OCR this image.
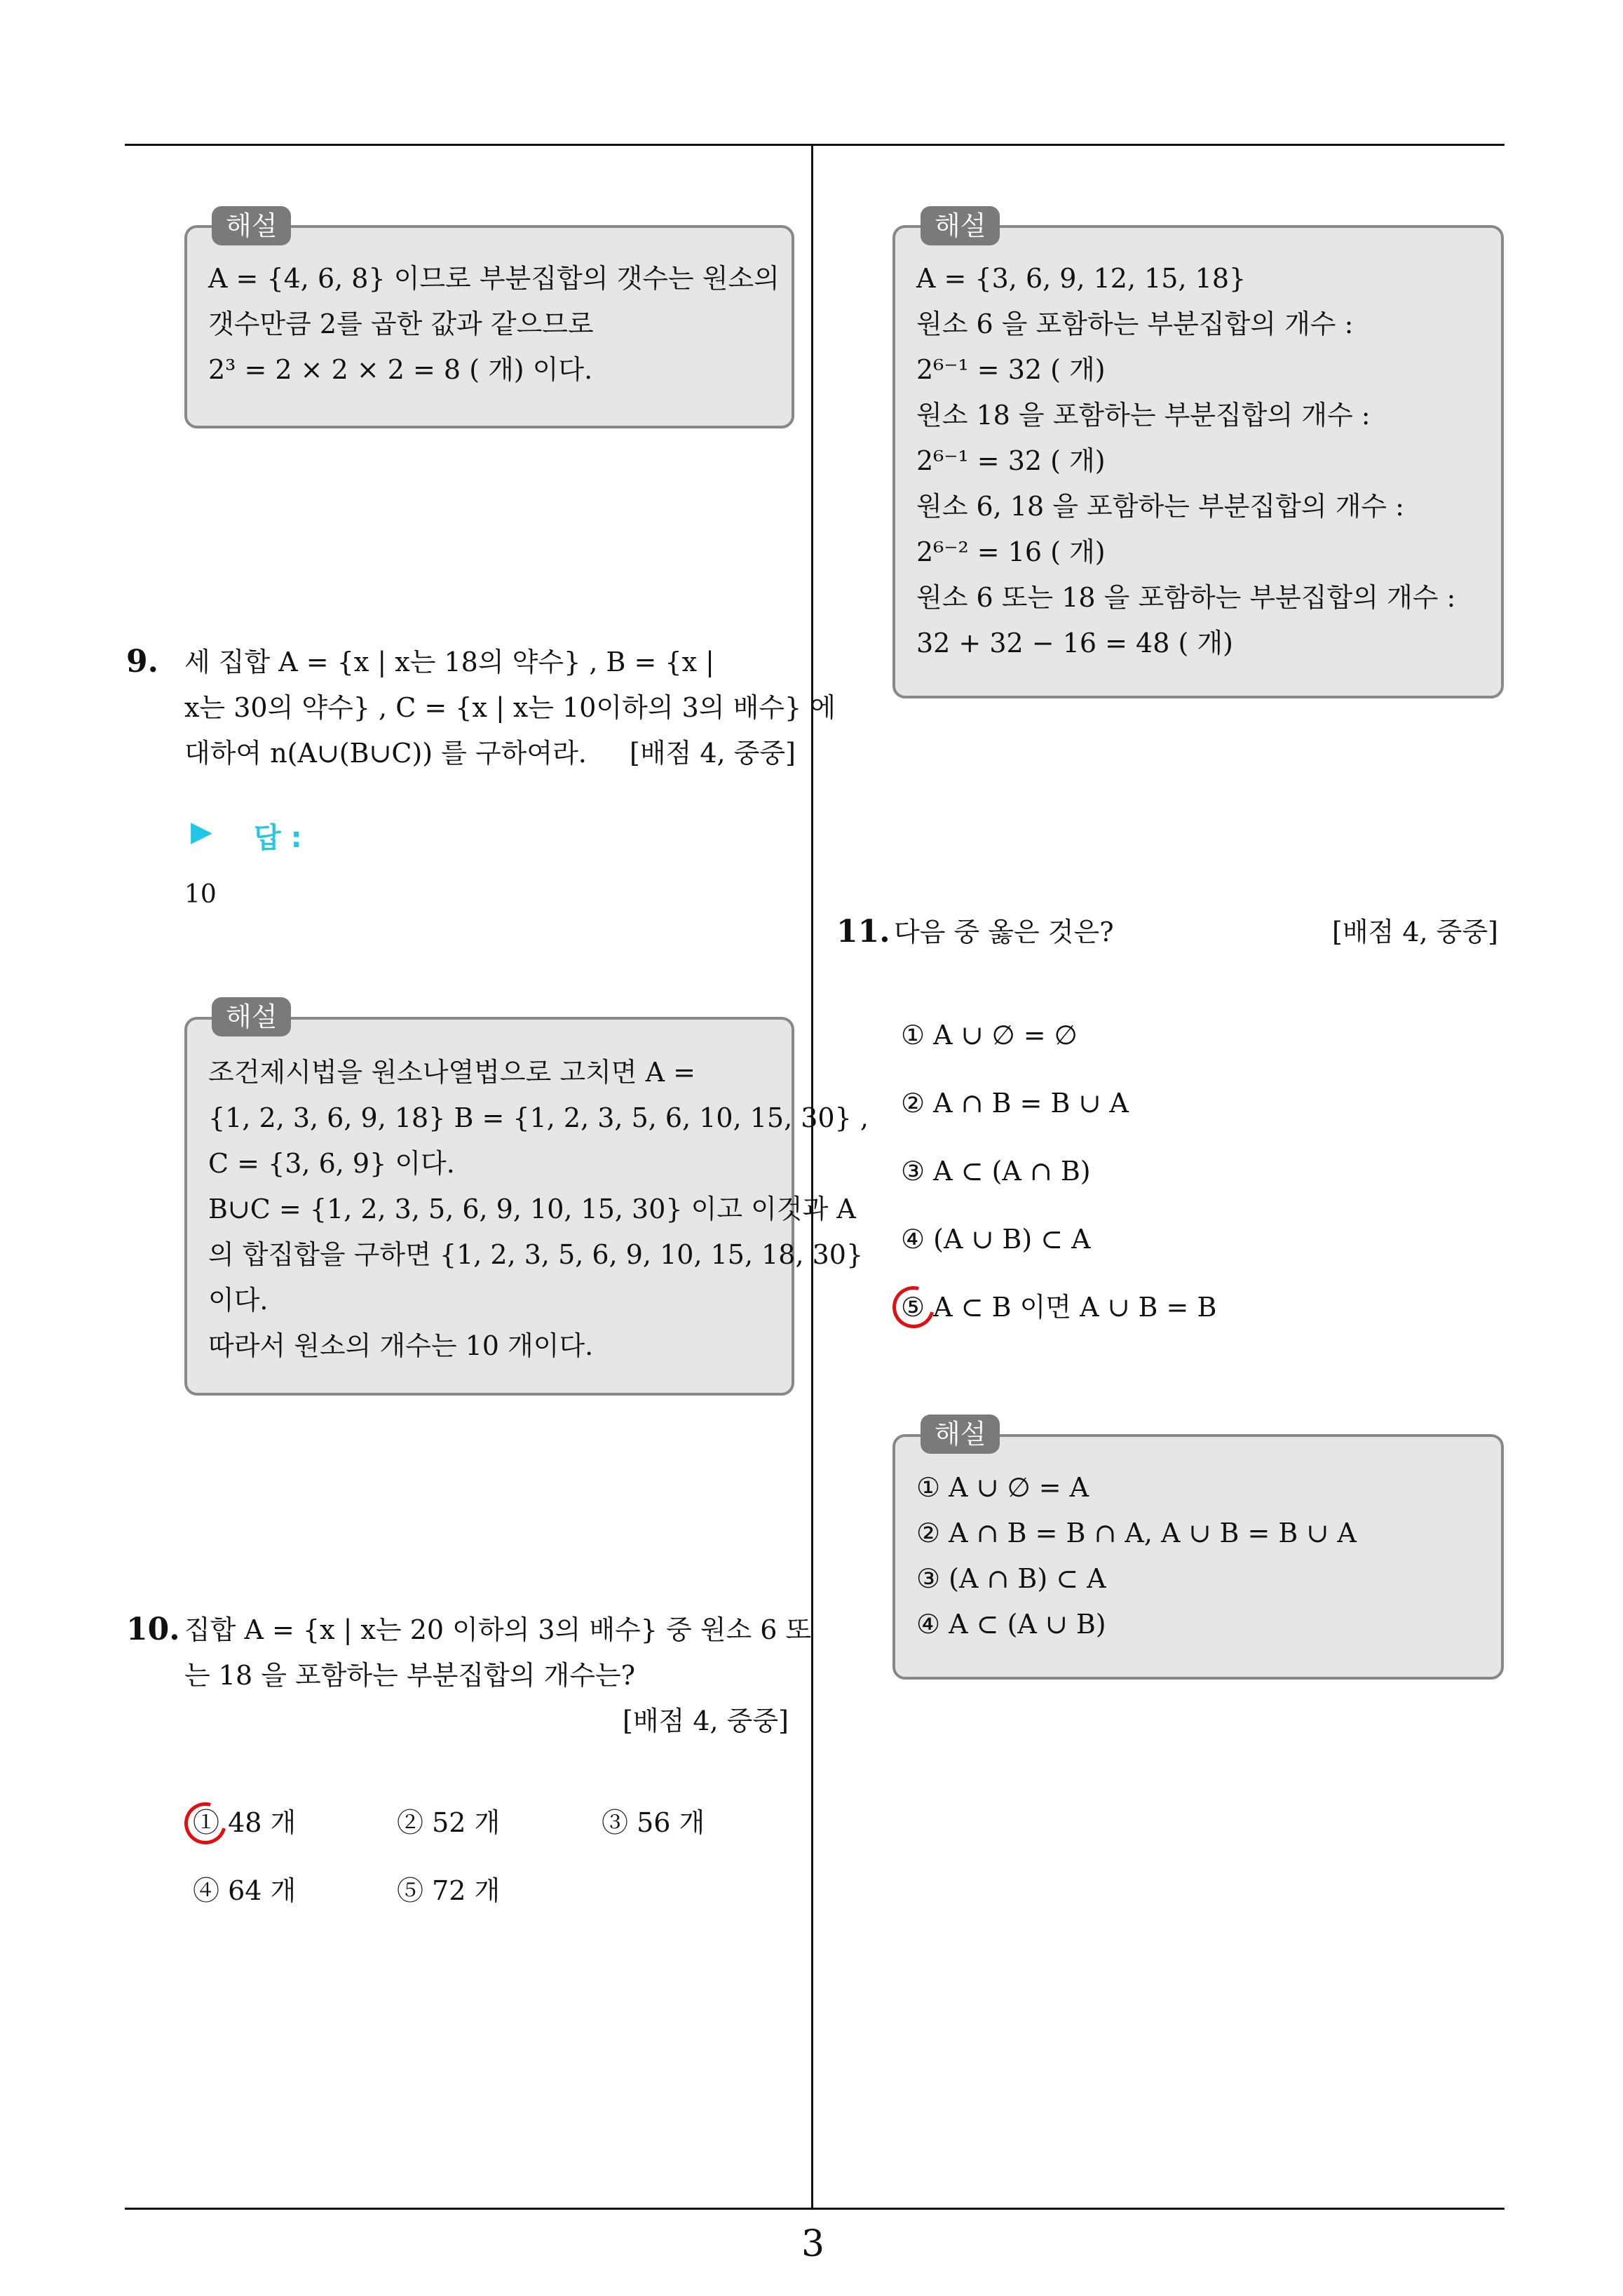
해설
A = {4, 6, 8} 이므로 부분집합의 갯수는 원소의
갯수만큼 2를 곱한 값과 같으므로
2³ = 2 × 2 × 2 = 8 ( 개) 이다.
9. 세 집합 A = {x | x는 18의 약수} , B = {x |
x는 30의 약수} , C = {x | x는 10이하의 3의 배수} 에
대하여 n(A∪(B∪C)) 를 구하여라. [배점 4, 중중]
▶ 답 :
10
해설
조건제시법을 원소나열법으로 고치면 A =
{1, 2, 3, 6, 9, 18} B = {1, 2, 3, 5, 6, 10, 15, 30} ,
C = {3, 6, 9} 이다.
B∪C = {1, 2, 3, 5, 6, 9, 10, 15, 30} 이고 이것과 A
의 합집합을 구하면 {1, 2, 3, 5, 6, 9, 10, 15, 18, 30}
이다.
따라서 원소의 개수는 10 개이다.
10. 집합 A = {x | x는 20 이하의 3의 배수} 중 원소 6 또
는 18 을 포함하는 부분집합의 개수는?
[배점 4, 중중]
① 48 개	② 52 개	③ 56 개
④ 64 개	⑤ 72 개
해설
A = {3, 6, 9, 12, 15, 18}
원소 6 을 포함하는 부분집합의 개수 :
2⁶⁻¹ = 32 ( 개)
원소 18 을 포함하는 부분집합의 개수 :
2⁶⁻¹ = 32 ( 개)
원소 6, 18 을 포함하는 부분집합의 개수 :
2⁶⁻² = 16 ( 개)
원소 6 또는 18 을 포함하는 부분집합의 개수 :
32 + 32 − 16 = 48 ( 개)
11. 다음 중 옳은 것은?	[배점 4, 중중]
① A ∪ ∅ = ∅
② A ∩ B = B ∪ A
③ A ⊂ (A ∩ B)
④ (A ∪ B) ⊂ A
⑤ A ⊂ B 이면 A ∪ B = B
해설
① A ∪ ∅ = A
② A ∩ B = B ∩ A, A ∪ B = B ∪ A
③ (A ∩ B) ⊂ A
④ A ⊂ (A ∪ B)
3
